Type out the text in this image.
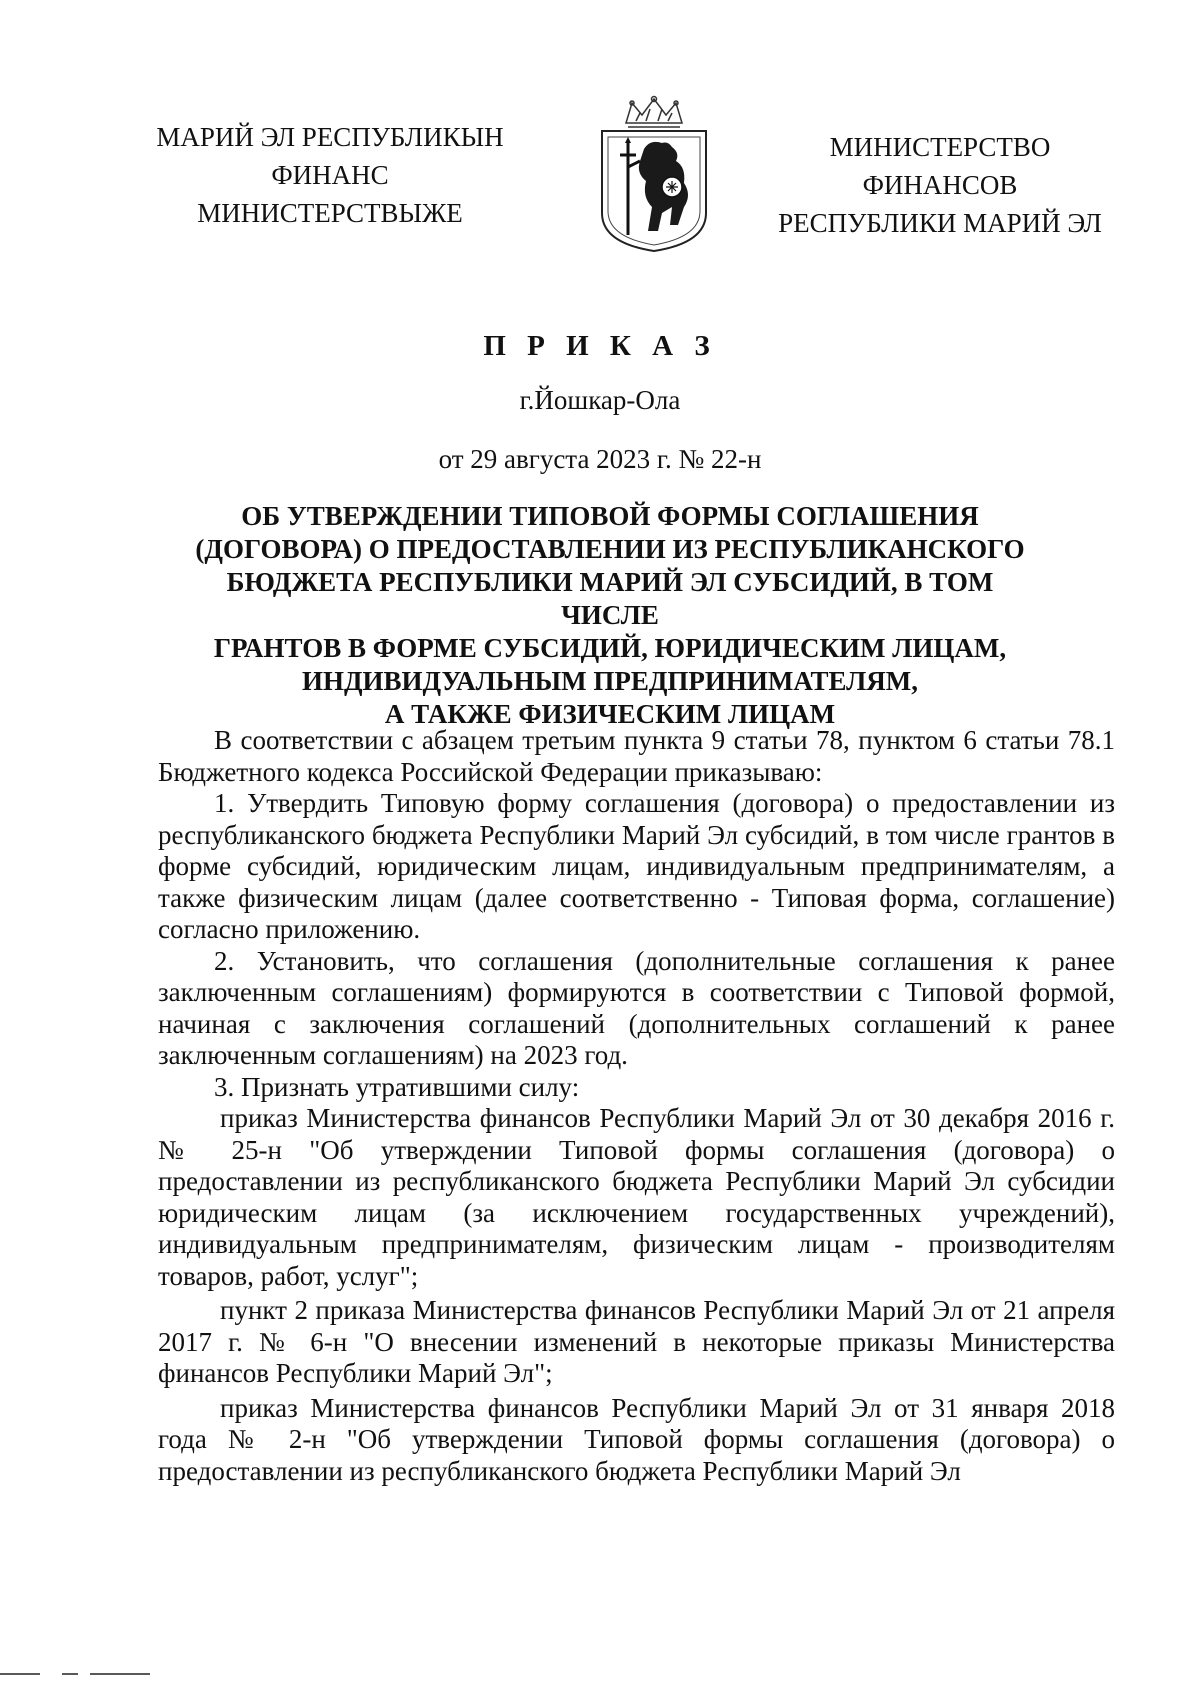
МАРИЙ ЭЛ РЕСПУБЛИКЫН
ФИНАНС
МИНИСТЕРСТВЫЖЕ
МИНИСТЕРСТВО
ФИНАНСОВ
РЕСПУБЛИКИ МАРИЙ ЭЛ
П Р И К А З
г.Йошкар-Ола
от 29 августа 2023 г. № 22-н
ОБ УТВЕРЖДЕНИИ ТИПОВОЙ ФОРМЫ СОГЛАШЕНИЯ
(ДОГОВОРА) О ПРЕДОСТАВЛЕНИИ ИЗ РЕСПУБЛИКАНСКОГО
БЮДЖЕТА РЕСПУБЛИКИ МАРИЙ ЭЛ СУБСИДИЙ, В ТОМ ЧИСЛЕ
ГРАНТОВ В ФОРМЕ СУБСИДИЙ, ЮРИДИЧЕСКИМ ЛИЦАМ,
ИНДИВИДУАЛЬНЫМ ПРЕДПРИНИМАТЕЛЯМ,
А ТАКЖЕ ФИЗИЧЕСКИМ ЛИЦАМ

В соответствии с абзацем третьим пункта 9 статьи 78, пунктом 6 статьи 78.1 Бюджетного кодекса Российской Федерации приказываю:

1. Утвердить Типовую форму соглашения (договора) о предоставлении из республиканского бюджета Республики Марий Эл субсидий, в том числе грантов в форме субсидий, юридическим лицам, индивидуальным предпринимателям, а также физическим лицам (далее соответственно - Типовая форма, соглашение) согласно приложению.

2. Установить, что соглашения (дополнительные соглашения к ранее заключенным соглашениям) формируются в соответствии с Типовой формой, начиная с заключения соглашений (дополнительных соглашений к ранее заключенным соглашениям) на 2023 год.

3. Признать утратившими силу:

приказ Министерства финансов Республики Марий Эл от 30 декабря 2016 г. № 25-н "Об утверждении Типовой формы соглашения (договора) о предоставлении из республиканского бюджета Республики Марий Эл субсидии юридическим лицам (за исключением государственных учреждений), индивидуальным предпринимателям, физическим лицам - производителям товаров, работ, услуг";

пункт 2 приказа Министерства финансов Республики Марий Эл от 21 апреля 2017 г. № 6-н "О внесении изменений в некоторые приказы Министерства финансов Республики Марий Эл";

приказ Министерства финансов Республики Марий Эл от 31 января 2018 года № 2-н "Об утверждении Типовой формы соглашения (договора) о предоставлении из республиканского бюджета Республики Марий Эл
